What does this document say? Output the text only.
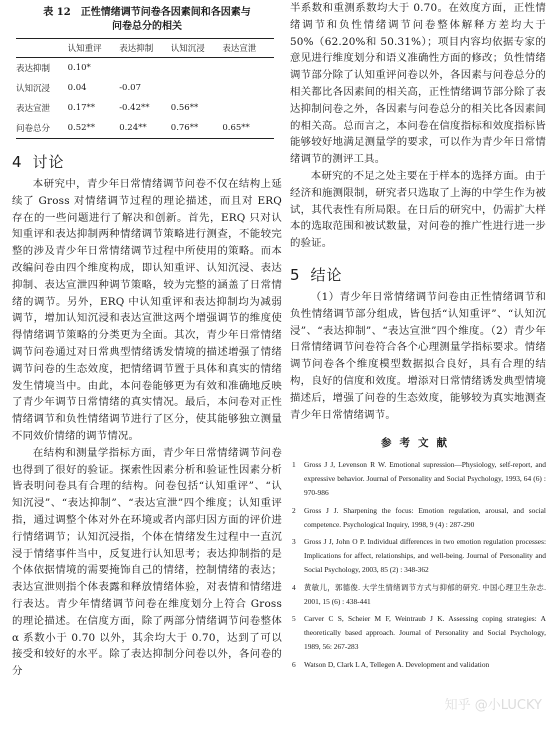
表 12 正性情绪调节问卷各因素间和各因素与
问卷总分的相关
	认知重评	表达抑制	认知沉浸	表达宣泄
表达抑制	0.10*			
认知沉浸	0.04	-0.07		
表达宣泄	0.17**	-0.42**	0.56**	
问卷总分	0.52**	0.24**	0.76**	0.65**
4 讨论

本研究中，青少年日常情绪调节问卷不仅在结构上延续了 Gross 对情绪调节过程的理论描述，而且对 ERQ 存在的一些问题进行了解决和创新。首先，ERQ 只对认知重评和表达抑制两种情绪调节策略进行测查，不能较完整的涉及青少年日常情绪调节过程中所使用的策略。而本改编问卷由四个维度构成，即认知重评、认知沉浸、表达抑制、表达宣泄四种调节策略，较为完整的涵盖了日常情绪的调节。另外，ERQ 中认知重评和表达抑制均为减弱调节，增加认知沉浸和表达宣泄这两个增强调节的维度使得情绪调节策略的分类更为全面。其次，青少年日常情绪调节问卷通过对日常典型情绪诱发情境的描述增强了情绪调节问卷的生态效度，把情绪调节置于具体和真实的情绪发生情境当中。由此，本问卷能够更为有效和准确地反映了青少年调节日常情绪的真实情况。最后，本问卷对正性情绪调节和负性情绪调节进行了区分，使其能够独立测量不同效价情绪的调节情况。

在结构和测量学指标方面，青少年日常情绪调节问卷也得到了很好的验证。探索性因素分析和验证性因素分析皆表明问卷具有合理的结构。问卷包括“认知重评”、“认知沉浸”、“表达抑制”、“表达宣泄”四个维度；认知重评指，通过调整个体对外在环境或者内部归因方面的评价进行情绪调节；认知沉浸指，个体在情绪发生过程中一直沉浸于情绪事件当中，反复进行认知思考；表达抑制指的是个体依据情境的需要掩饰自己的情绪，控制情绪的表达；表达宣泄则指个体表露和释放情绪体验，对表情和情绪进行表达。青少年情绪调节问卷在维度划分上符合 Gross 的理论描述。在信度方面，除了两部分情绪调节问卷整体 α 系数小于 0.70 以外，其余均大于 0.70，达到了可以接受和较好的水平。除了表达抑制分问卷以外，各问卷的分

半系数和重测系数均大于 0.70。在效度方面，正性情绪调节和负性情绪调节问卷整体解释方差均大于 50%（62.20%和 50.31%）；项目内容均依据专家的意见进行维度划分和语义准确性方面的修改；负性情绪调节部分除了认知重评问卷以外，各因素与问卷总分的相关都比各因素间的相关高，正性情绪调节部分除了表达抑制问卷之外，各因素与问卷总分的相关比各因素间的相关高。总而言之，本问卷在信度指标和效度指标皆能够较好地满足测量学的要求，可以作为青少年日常情绪调节的测评工具。

本研究的不足之处主要在于样本的选择方面。由于经济和施测限制，研究者只选取了上海的中学生作为被试，其代表性有所局限。在日后的研究中，仍需扩大样本的选取范围和被试数量，对问卷的推广性进行进一步的验证。

5 结论

（1）青少年日常情绪调节问卷由正性情绪调节和负性情绪调节部分组成，皆包括“认知重评”、“认知沉浸”、“表达抑制”、“表达宣泄”四个维度。（2）青少年日常情绪调节问卷符合各个心理测量学指标要求。情绪调节问卷各个维度模型数据拟合良好，具有合理的结构，良好的信度和效度。增添对日常情绪诱发典型情境描述后，增强了问卷的生态效度，能够较为真实地测查青少年日常情绪调节。

参考文献
1 Gross J J, Levenson R W. Emotional supression—Physiology, self-report, and expressive behavior. Journal of Personality and Social Psychology, 1993, 64 (6) : 970-986
2 Gross J J. Sharpening the focus: Emotion regulation, arousal, and social competence. Psychological Inquiry, 1998, 9 (4) : 287-290
3 Gross J J, John O P. Individual differences in two emotion regulation processes: Implications for affect, relationships, and well-being. Journal of Personality and Social Psychology, 2003, 85 (2) : 348-362
4 黄敏儿，郭德俊. 大学生情绪调节方式与抑郁的研究. 中国心理卫生杂志. 2001, 15 (6) : 438-441
5 Carver C S, Scheier M F, Weintraub J K. Assessing coping strategies: A theoretically based approach. Journal of Personality and Social Psychology, 1989, 56: 267-283
6 Watson D, Clark L A, Tellegen A. Development and validation
知乎 @小LUCKY
